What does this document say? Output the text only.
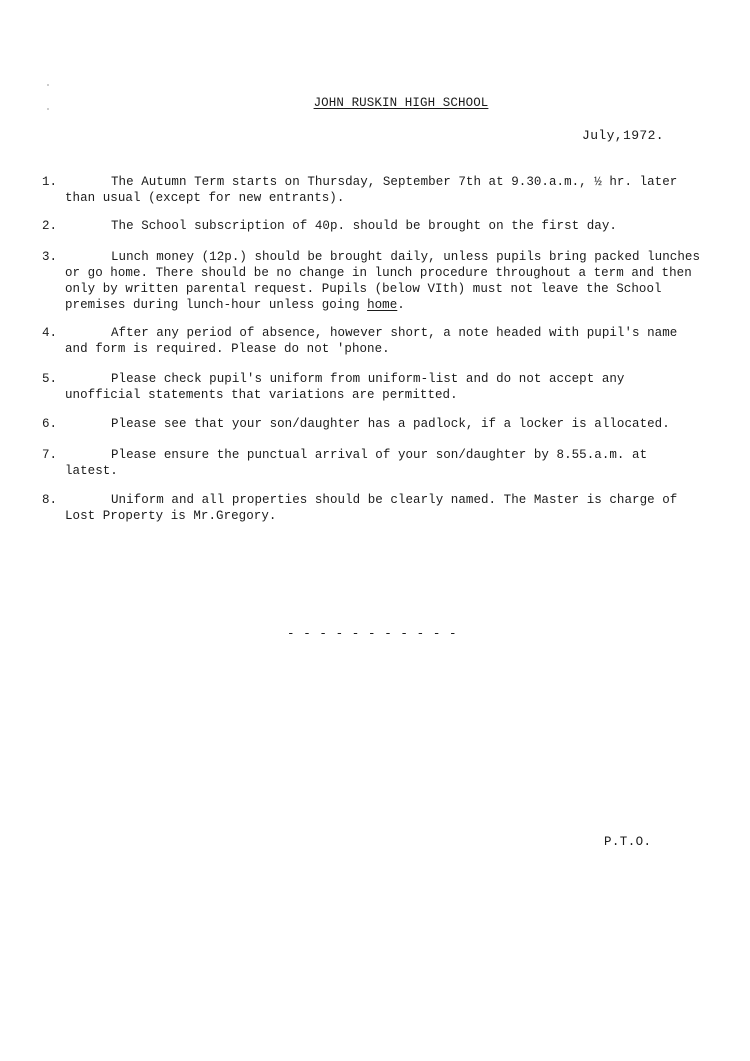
JOHN RUSKIN HIGH SCHOOL
July,1972.
1.	The Autumn Term starts on Thursday, September 7th at 9.30.a.m., ½ hr. later than usual (except for new entrants).

2.	The School subscription of 40p. should be brought on the first day.

3.	Lunch money (12p.) should be brought daily, unless pupils bring packed lunches or go home. There should be no change in lunch procedure throughout a term and then only by written parental request. Pupils (below VIth) must not leave the School premises during lunch-hour unless going home.

4.	After any period of absence, however short, a note headed with pupil's name and form is required. Please do not 'phone.

5.	Please check pupil's uniform from uniform-list and do not accept any unofficial statements that variations are permitted.

6.	Please see that your son/daughter has a padlock, if a locker is allocated.

7.	Please ensure the punctual arrival of your son/daughter by 8.55.a.m. at latest.

8.	Uniform and all properties should be clearly named. The Master is charge of Lost Property is Mr.Gregory.

- - - - - - - - - - -
P.T.O.
